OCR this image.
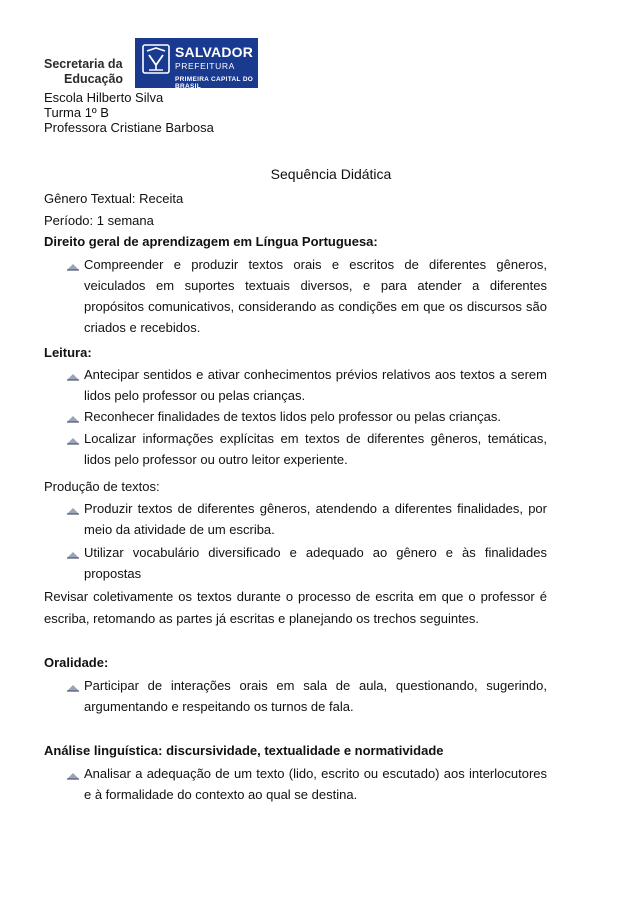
Secretaria da
Educação
SALVADOR
PREFEITURA
PRIMEIRA CAPITAL DO BRASIL
Escola Hilberto Silva
Turma 1º B
Professora Cristiane Barbosa
Sequência Didática
Gênero Textual: Receita
Período: 1 semana
Direito geral de aprendizagem em Língua Portuguesa:
Compreender e produzir textos orais e escritos de diferentes gêneros, veiculados em suportes textuais diversos, e para atender a diferentes propósitos comunicativos, considerando as condições em que os discursos são criados e recebidos.
Leitura:
Antecipar sentidos e ativar conhecimentos prévios relativos aos textos a serem lidos pelo professor ou pelas crianças.
Reconhecer finalidades de textos lidos pelo professor ou pelas crianças.
Localizar informações explícitas em textos de diferentes gêneros, temáticas, lidos pelo professor ou outro leitor experiente.
Produção de textos:
Produzir textos de diferentes gêneros, atendendo a diferentes finalidades, por meio da atividade de um escriba.
Utilizar vocabulário diversificado e adequado ao gênero e às finalidades propostas
Revisar coletivamente os textos durante o processo de escrita em que o professor é escriba, retomando as partes já escritas e planejando os trechos seguintes.
Oralidade:
Participar de interações orais em sala de aula, questionando, sugerindo, argumentando e respeitando os turnos de fala.
Análise linguística: discursividade, textualidade e normatividade
Analisar a adequação de um texto (lido, escrito ou escutado) aos interlocutores e à formalidade do contexto ao qual se destina.
